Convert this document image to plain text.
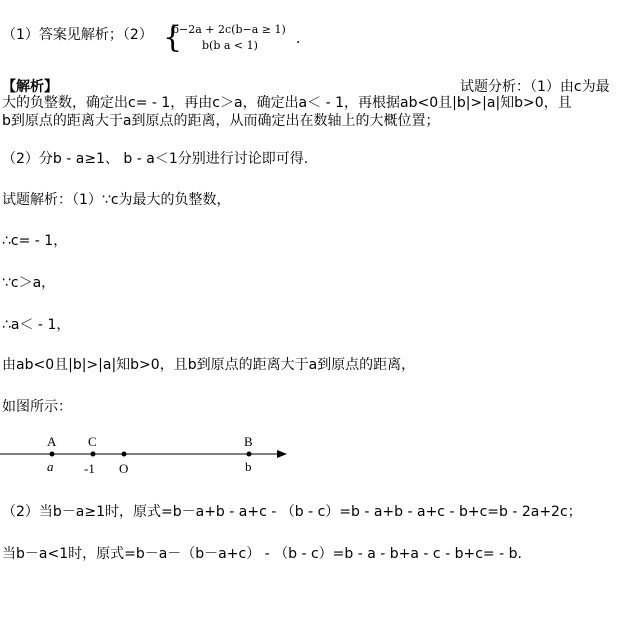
（1）答案见解析；（2） {
b−2a + 2c(b−a ≥ 1)
b(b a < 1)	．
【解析】	试题分析：（1）由c为最
大的负整数，确定出c= - 1，再由c＞a，确定出a＜ - 1，再根据ab<0且|b|>|a|知b>0，且
b到原点的距离大于a到原点的距离，从而确定出在数轴上的大概位置；
（2）分b - a≥1、 b - a＜1分别进行讨论即可得.
试题解析：（1）∵c为最大的负整数，
∴c= - 1，
∵c＞a，
∴a＜ - 1，
由ab<0且|b|>|a|知b>0，且b到原点的距离大于a到原点的距离，
如图所示：
A
a
C
-1 O
B
b
（2）当b－a≥1时，原式=b－a+b - a+c - （b - c）=b - a+b - a+c - b+c=b - 2a+2c；
当b－a<1时，原式=b－a－（b－a+c） - （b - c）=b - a - b+a - c - b+c= - b.
